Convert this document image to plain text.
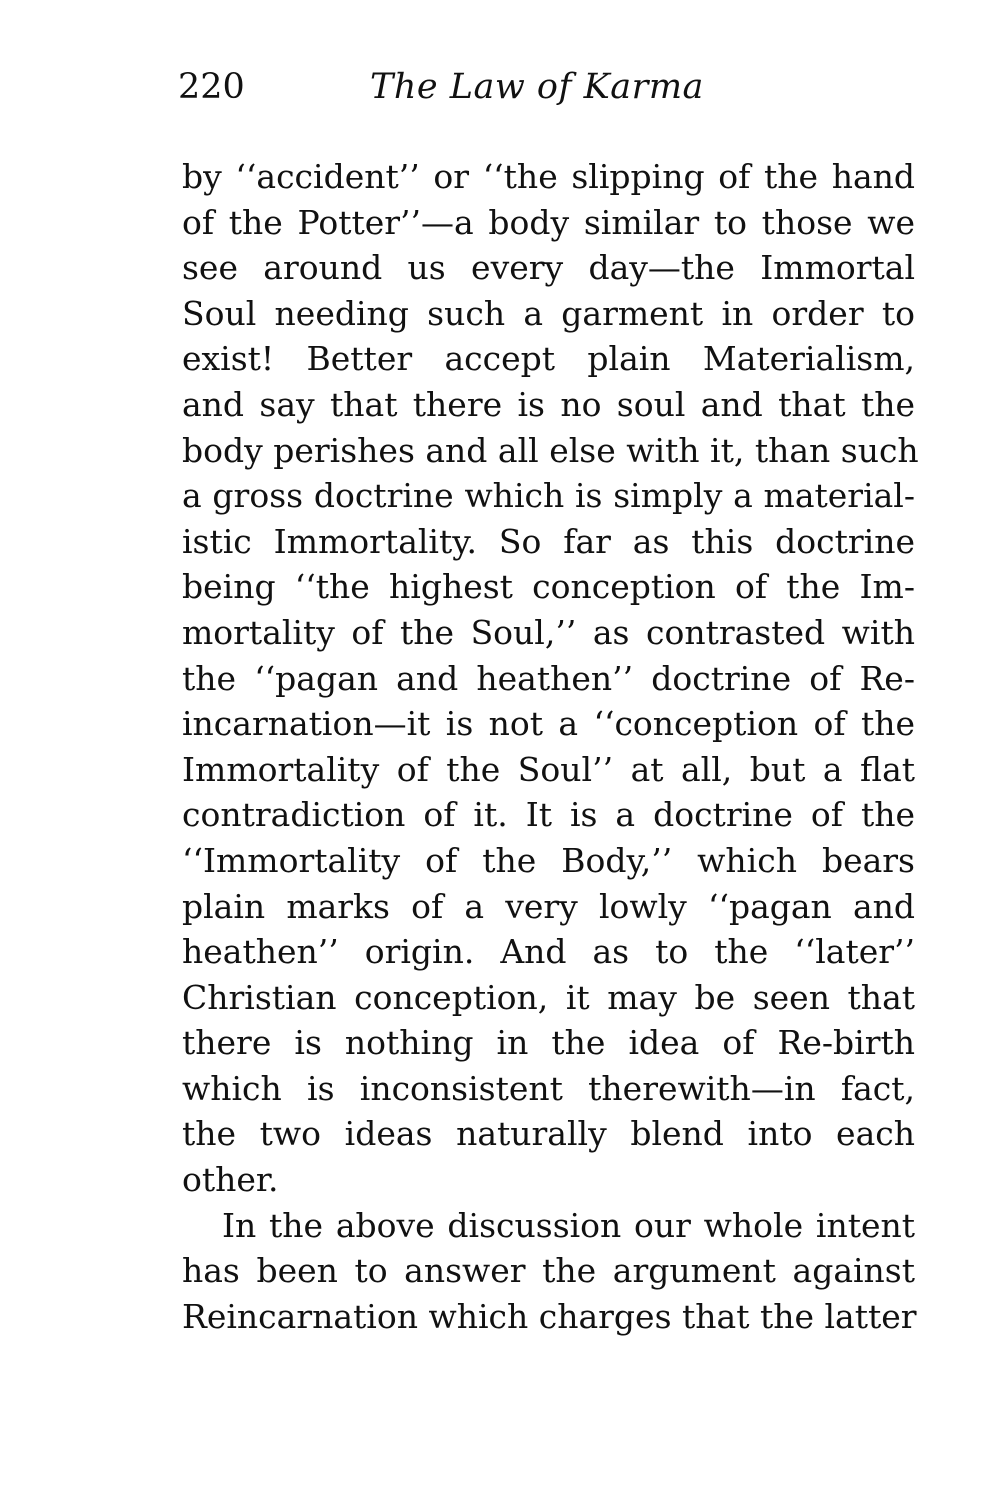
220	The Law of Karma
by ‘‘accident’’ or ‘‘the slipping of the hand
of the Potter’’—a body similar to those we
see around us every day—the Immortal
Soul needing such a garment in order to
exist! Better accept plain Materialism,
and say that there is no soul and that the
body perishes and all else with it, than such
a gross doctrine which is simply a material-
istic Immortality. So far as this doctrine
being ‘‘the highest conception of the Im-
mortality of the Soul,’’ as contrasted with
the ‘‘pagan and heathen’’ doctrine of Re-
incarnation—it is not a ‘‘conception of the
Immortality of the Soul’’ at all, but a flat
contradiction of it. It is a doctrine of the
‘‘Immortality of the Body,’’ which bears
plain marks of a very lowly ‘‘pagan and
heathen’’ origin. And as to the ‘‘later’’
Christian conception, it may be seen that
there is nothing in the idea of Re-birth
which is inconsistent therewith—in fact,
the two ideas naturally blend into each
other.
In the above discussion our whole intent
has been to answer the argument against
Reincarnation which charges that the latter
